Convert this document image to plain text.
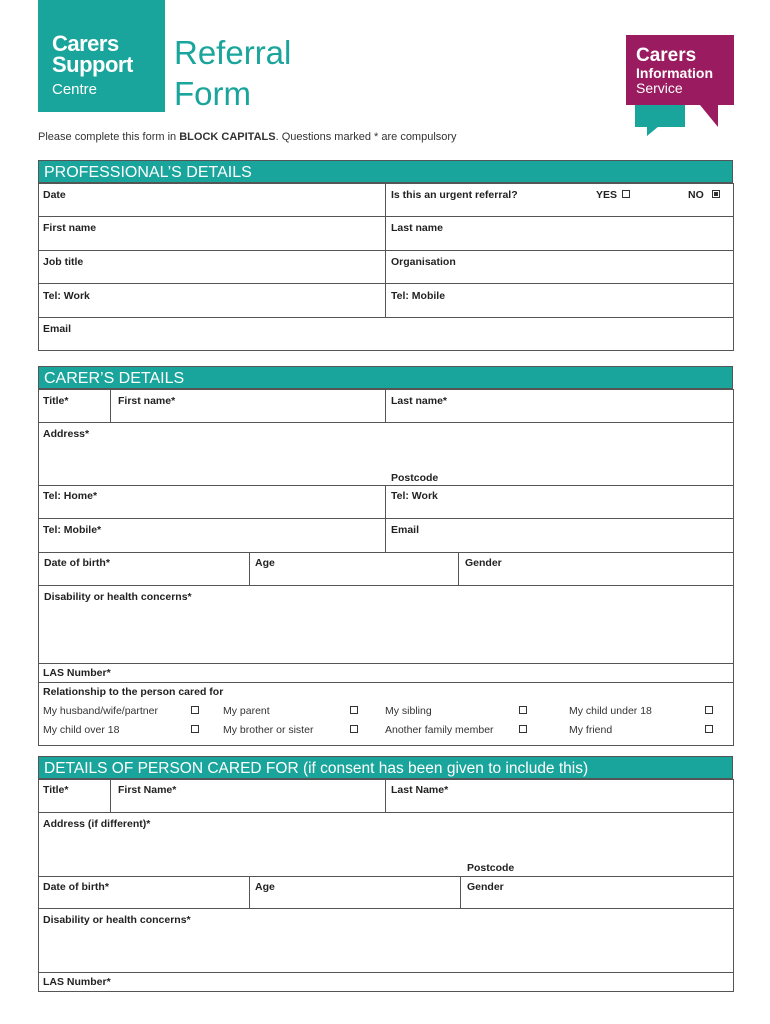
Carers
Support
Centre
Referral
Form
Carers
Information
Service
Please complete this form in BLOCK CAPITALS. Questions marked * are compulsory
PROFESSIONAL’S DETAILS
Date	Is this an urgent referral?	YES	NO
First name	Last name
Job title	Organisation
Tel: Work	Tel: Mobile
Email
CARER’S DETAILS
Title*	First name*	Last name*
Address*
Postcode
Tel: Home*	Tel: Work
Tel: Mobile*	Email
Date of birth*	Age	Gender
Disability or health concerns*
LAS Number*
Relationship to the person cared for
My husband/wife/partner	My parent	My sibling	My child under 18
My child over 18	My brother or sister	Another family member	My friend
DETAILS OF PERSON CARED FOR (if consent has been given to include this)
Title*	First Name*	Last Name*
Address (if different)*
Postcode
Date of birth*	Age	Gender
Disability or health concerns*
LAS Number*
